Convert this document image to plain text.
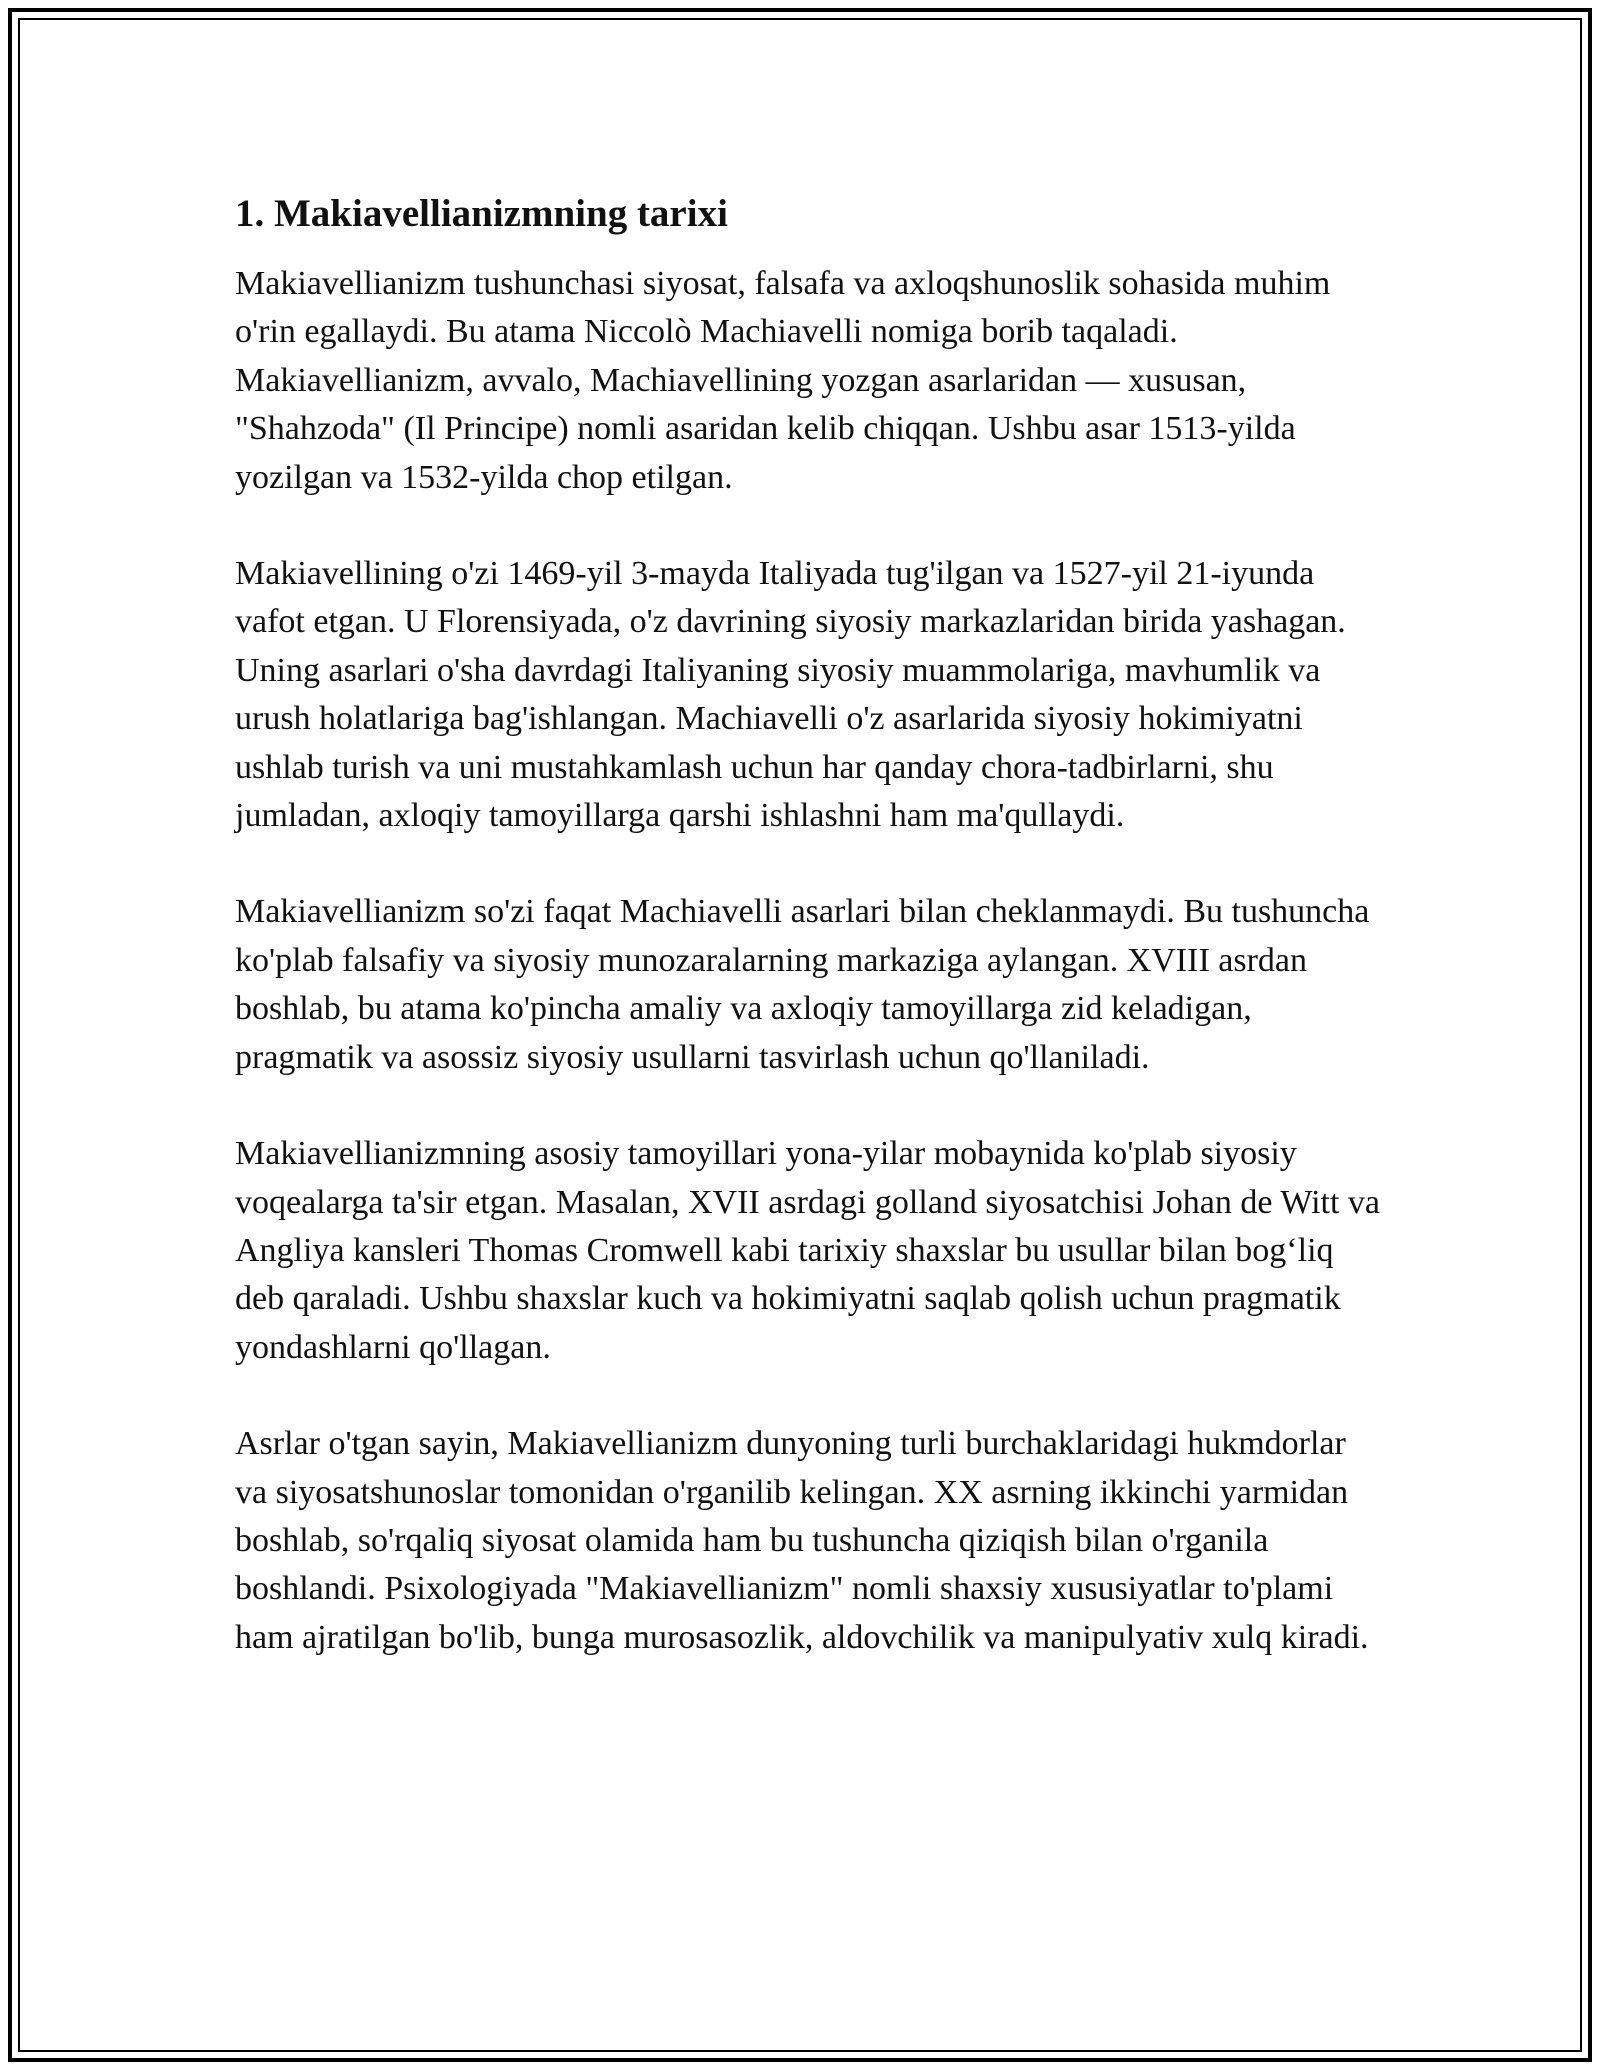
1. Makiavellianizmning tarixi

Makiavellianizm tushunchasi siyosat, falsafa va axloqshunoslik sohasida muhim o'rin egallaydi. Bu atama Niccolò Machiavelli nomiga borib taqaladi. Makiavellianizm, avvalo, Machiavellining yozgan asarlaridan — xususan, "Shahzoda" (Il Principe) nomli asaridan kelib chiqqan. Ushbu asar 1513-yilda yozilgan va 1532-yilda chop etilgan.

Makiavellining o'zi 1469-yil 3-mayda Italiyada tug'ilgan va 1527-yil 21-iyunda vafot etgan. U Florensiyada, o'z davrining siyosiy markazlaridan birida yashagan. Uning asarlari o'sha davrdagi Italiyaning siyosiy muammolariga, mavhumlik va urush holatlariga bag'ishlangan. Machiavelli o'z asarlarida siyosiy hokimiyatni ushlab turish va uni mustahkamlash uchun har qanday chora-tadbirlarni, shu jumladan, axloqiy tamoyillarga qarshi ishlashni ham ma'qullaydi.

Makiavellianizm so'zi faqat Machiavelli asarlari bilan cheklanmaydi. Bu tushuncha ko'plab falsafiy va siyosiy munozaralarning markaziga aylangan. XVIII asrdan boshlab, bu atama ko'pincha amaliy va axloqiy tamoyillarga zid keladigan, pragmatik va asossiz siyosiy usullarni tasvirlash uchun qo'llaniladi.

Makiavellianizmning asosiy tamoyillari yona-yilar mobaynida ko'plab siyosiy voqealarga ta'sir etgan. Masalan, XVII asrdagi golland siyosatchisi Johan de Witt va Angliya kansleri Thomas Cromwell kabi tarixiy shaxslar bu usullar bilan bog‘liq deb qaraladi. Ushbu shaxslar kuch va hokimiyatni saqlab qolish uchun pragmatik yondashlarni qo'llagan.

Asrlar o'tgan sayin, Makiavellianizm dunyoning turli burchaklaridagi hukmdorlar va siyosatshunoslar tomonidan o'rganilib kelingan. XX asrning ikkinchi yarmidan boshlab, so'rqaliq siyosat olamida ham bu tushuncha qiziqish bilan o'rganila boshlandi. Psixologiyada "Makiavellianizm" nomli shaxsiy xususiyatlar to'plami ham ajratilgan bo'lib, bunga murosasozlik, aldovchilik va manipulyativ xulq kiradi.
